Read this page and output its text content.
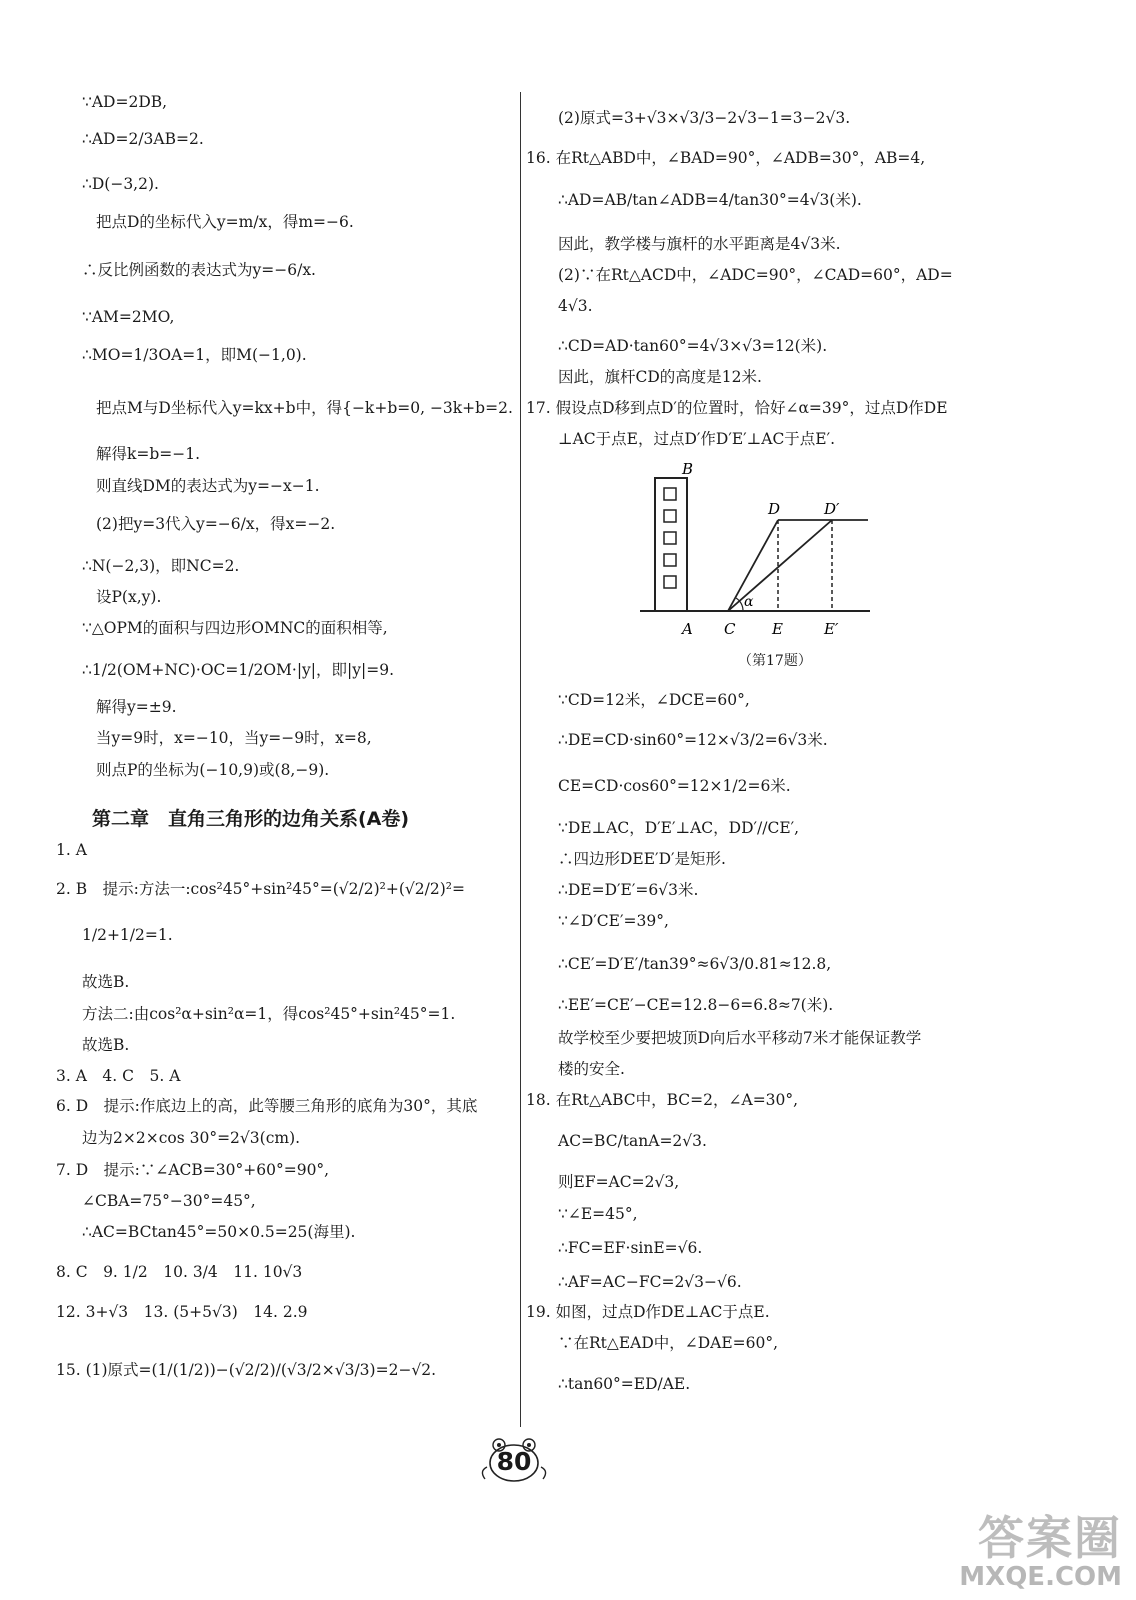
∵AD=2DB,
∴AD=2/3AB=2.
∴D(−3,2).
把点D的坐标代入y=m/x，得m=−6.
∴反比例函数的表达式为y=−6/x.
∵AM=2MO,
∴MO=1/3OA=1，即M(−1,0).
把点M与D坐标代入y=kx+b中，得{−k+b=0, −3k+b=2.
解得k=b=−1.
则直线DM的表达式为y=−x−1.
(2)把y=3代入y=−6/x，得x=−2.
∴N(−2,3)，即NC=2.
设P(x,y).
∵△OPM的面积与四边形OMNC的面积相等,
∴1/2(OM+NC)·OC=1/2OM·|y|，即|y|=9.
解得y=±9.
当y=9时，x=−10，当y=−9时，x=8,
则点P的坐标为(−10,9)或(8,−9).
第二章　直角三角形的边角关系(A卷)
1. A
2. B　提示:方法一:cos²45°+sin²45°=(√2/2)²+(√2/2)²=
1/2+1/2=1.
故选B.
方法二:由cos²α+sin²α=1，得cos²45°+sin²45°=1.
故选B.
3. A　4. C　5. A
6. D　提示:作底边上的高，此等腰三角形的底角为30°，其底
边为2×2×cos 30°=2√3(cm).
7. D　提示:∵∠ACB=30°+60°=90°,
∠CBA=75°−30°=45°,
∴AC=BCtan45°=50×0.5=25(海里).
8. C　9. 1/2　10. 3/4　11. 10√3
12. 3+√3　13. (5+5√3)　14. 2.9
15. (1)原式=(1/(1/2))−(√2/2)/(√3/2×√3/3)=2−√2.
(2)原式=3+√3×√3/3−2√3−1=3−2√3.
16. 在Rt△ABD中，∠BAD=90°，∠ADB=30°，AB=4,
∴AD=AB/tan∠ADB=4/tan30°=4√3(米).
因此，教学楼与旗杆的水平距离是4√3米.
(2)∵在Rt△ACD中，∠ADC=90°，∠CAD=60°，AD=
4√3.
∴CD=AD·tan60°=4√3×√3=12(米).
因此，旗杆CD的高度是12米.
17. 假设点D移到点D′的位置时，恰好∠α=39°，过点D作DE
⊥AC于点E，过点D′作D′E′⊥AC于点E′.
B
A C E	E′
D	D′
α
（第17题）
∵CD=12米，∠DCE=60°,
∴DE=CD·sin60°=12×√3/2=6√3米.
CE=CD·cos60°=12×1/2=6米.
∵DE⊥AC，D′E′⊥AC，DD′//CE′,
∴四边形DEE′D′是矩形.
∴DE=D′E′=6√3米.
∵∠D′CE′=39°,
∴CE′=D′E′/tan39°≈6√3/0.81≈12.8,
∴EE′=CE′−CE=12.8−6=6.8≈7(米).
故学校至少要把坡顶D向后水平移动7米才能保证教学
楼的安全.
18. 在Rt△ABC中，BC=2，∠A=30°,
AC=BC/tanA=2√3.
则EF=AC=2√3,
∵∠E=45°,
∴FC=EF·sinE=√6.
∴AF=AC−FC=2√3−√6.
19. 如图，过点D作DE⊥AC于点E.
∵在Rt△EAD中，∠DAE=60°,
∴tan60°=ED/AE.
80
答案圈
MXQE.COM
